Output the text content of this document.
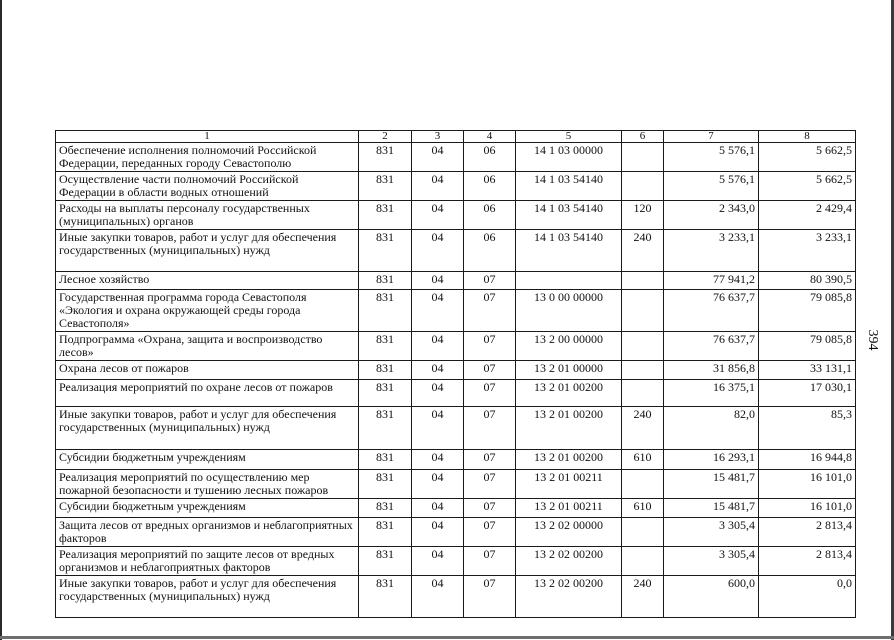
394
1	2	3	4	5	6	7	8
Обеспечение исполнения полномочий Российской Федерации, переданных городу Севастополю	831	04	06	14 1 03 00000		5 576,1	5 662,5
Осуществление части полномочий Российской Федерации в области водных отношений	831	04	06	14 1 03 54140		5 576,1	5 662,5
Расходы на выплаты персоналу государственных (муниципальных) органов	831	04	06	14 1 03 54140	120	2 343,0	2 429,4
Иные закупки товаров, работ и услуг для обеспечения государственных (муниципальных) нужд	831	04	06	14 1 03 54140	240	3 233,1	3 233,1
Лесное хозяйство	831	04	07			77 941,2	80 390,5
Государственная программа города Севастополя «Экология и охрана окружающей среды города Севастополя»	831	04	07	13 0 00 00000		76 637,7	79 085,8
Подпрограмма «Охрана, защита и воспроизводство лесов»	831	04	07	13 2 00 00000		76 637,7	79 085,8
Охрана лесов от пожаров	831	04	07	13 2 01 00000		31 856,8	33 131,1
Реализация мероприятий по охране лесов от пожаров	831	04	07	13 2 01 00200		16 375,1	17 030,1
Иные закупки товаров, работ и услуг для обеспечения государственных (муниципальных) нужд	831	04	07	13 2 01 00200	240	82,0	85,3
Субсидии бюджетным учреждениям	831	04	07	13 2 01 00200	610	16 293,1	16 944,8
Реализация мероприятий по осуществлению мер пожарной безопасности и тушению лесных пожаров	831	04	07	13 2 01 00211		15 481,7	16 101,0
Субсидии бюджетным учреждениям	831	04	07	13 2 01 00211	610	15 481,7	16 101,0
Защита лесов от вредных организмов и неблагоприятных факторов	831	04	07	13 2 02 00000		3 305,4	2 813,4
Реализация мероприятий по защите лесов от вредных организмов и неблагоприятных факторов	831	04	07	13 2 02 00200		3 305,4	2 813,4
Иные закупки товаров, работ и услуг для обеспечения государственных (муниципальных) нужд	831	04	07	13 2 02 00200	240	600,0	0,0
